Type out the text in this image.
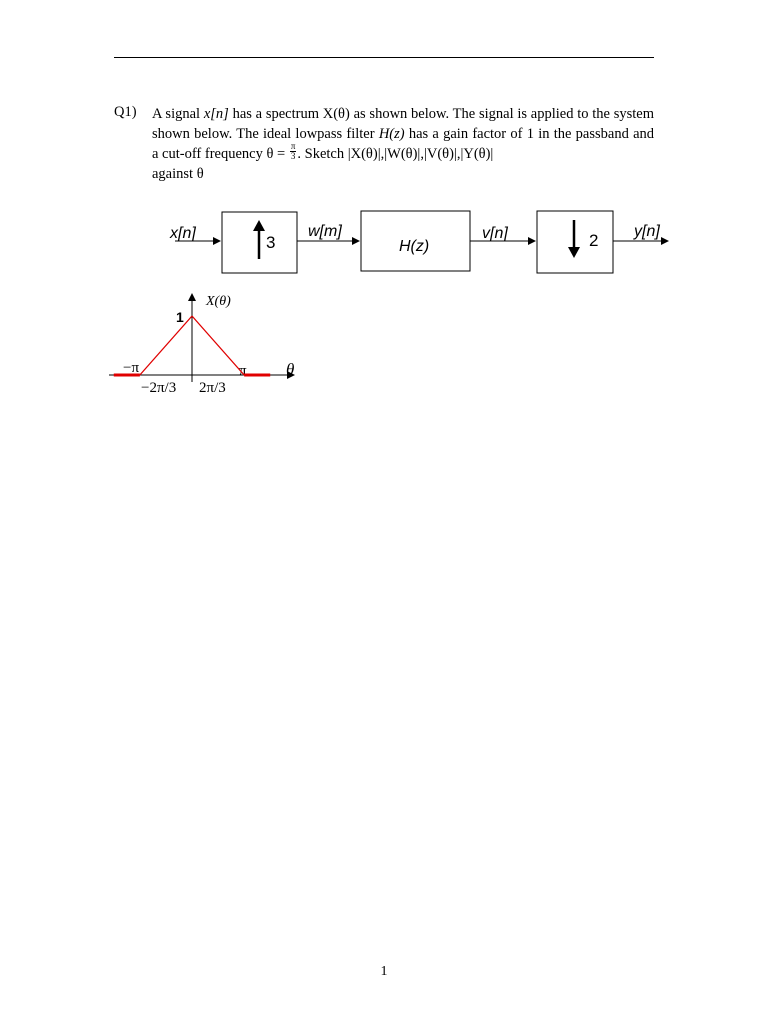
Q1) A signal x[n] has a spectrum X(θ) as shown below. The signal is applied to the system shown below. The ideal lowpass filter H(z) has a gain factor of 1 in the passband and a cut-off frequency $\theta = \frac{\pi}{3}$ . Sketch |X(θ)|,|W(θ)|,|V(θ)|,|Y(θ)|
against θ
x[n]	3
w[m]
H(z)
v[n]	2 y[n]
X(θ)
1
θ
−π	π
−2π/3 2π/3
1
